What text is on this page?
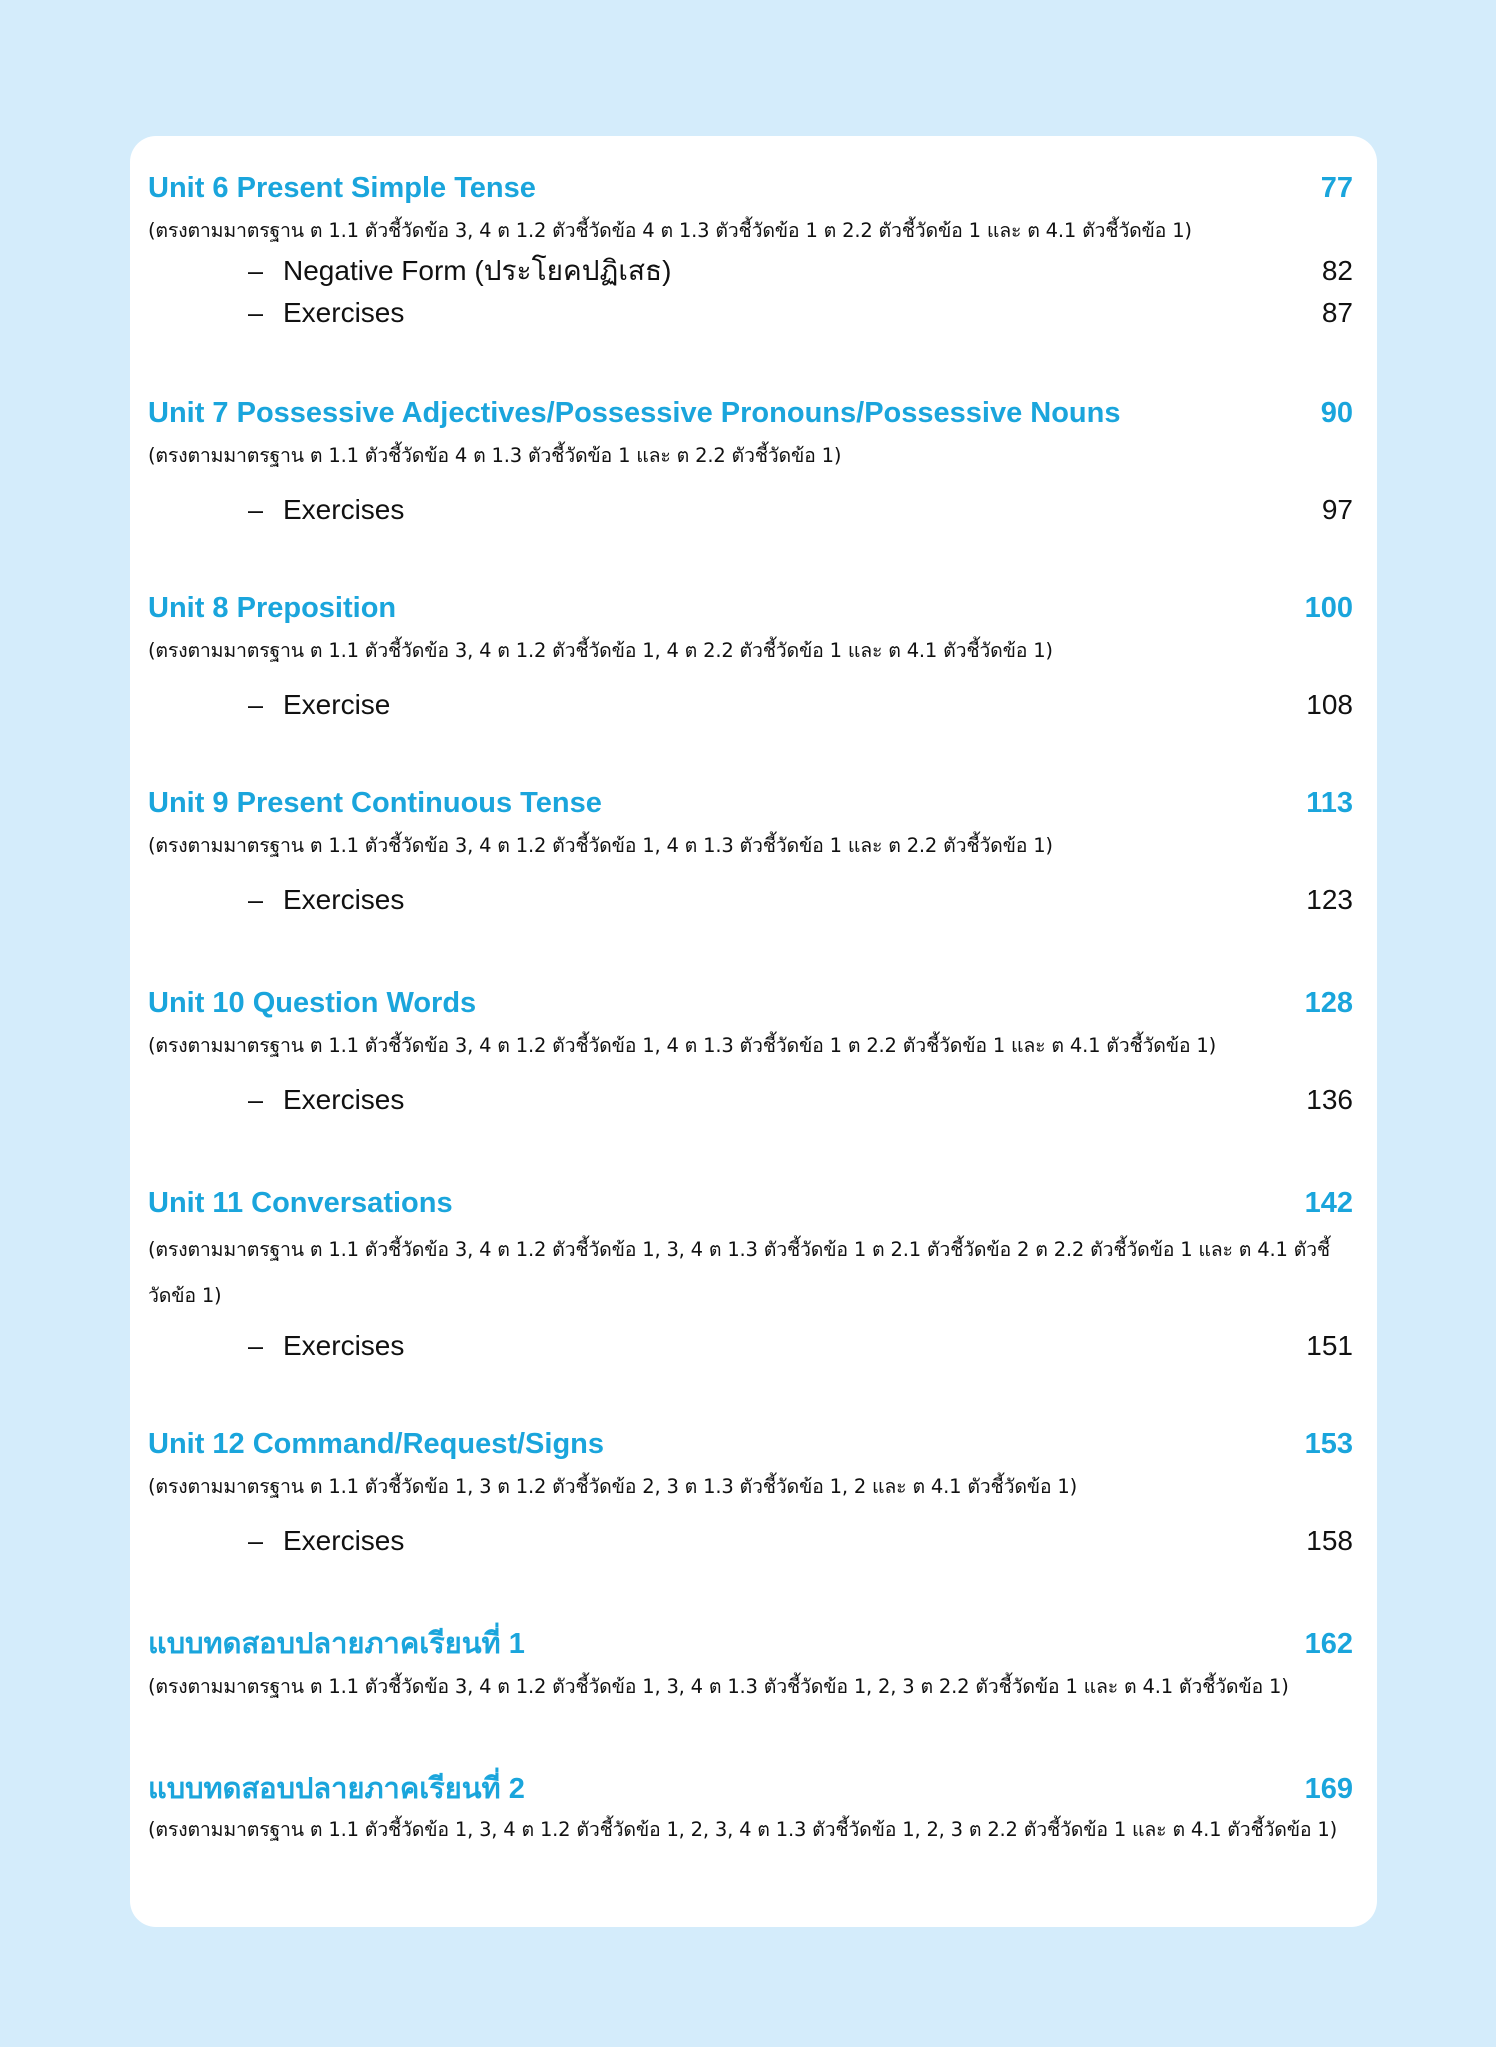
Unit 6 Present Simple Tense	77
(ตรงตามมาตรฐาน ต 1.1 ตัวชี้วัดข้อ 3, 4 ต 1.2 ตัวชี้วัดข้อ 4 ต 1.3 ตัวชี้วัดข้อ 1 ต 2.2 ตัวชี้วัดข้อ 1 และ ต 4.1 ตัวชี้วัดข้อ 1)
– Negative Form (ประโยคปฏิเสธ)	82
– Exercises	87
Unit 7 Possessive Adjectives/Possessive Pronouns/Possessive Nouns	90
(ตรงตามมาตรฐาน ต 1.1 ตัวชี้วัดข้อ 4 ต 1.3 ตัวชี้วัดข้อ 1 และ ต 2.2 ตัวชี้วัดข้อ 1)
– Exercises	97
Unit 8 Preposition	100
(ตรงตามมาตรฐาน ต 1.1 ตัวชี้วัดข้อ 3, 4 ต 1.2 ตัวชี้วัดข้อ 1, 4 ต 2.2 ตัวชี้วัดข้อ 1 และ ต 4.1 ตัวชี้วัดข้อ 1)
– Exercise	108
Unit 9 Present Continuous Tense	113
(ตรงตามมาตรฐาน ต 1.1 ตัวชี้วัดข้อ 3, 4 ต 1.2 ตัวชี้วัดข้อ 1, 4 ต 1.3 ตัวชี้วัดข้อ 1 และ ต 2.2 ตัวชี้วัดข้อ 1)
– Exercises	123
Unit 10 Question Words	128
(ตรงตามมาตรฐาน ต 1.1 ตัวชี้วัดข้อ 3, 4 ต 1.2 ตัวชี้วัดข้อ 1, 4 ต 1.3 ตัวชี้วัดข้อ 1 ต 2.2 ตัวชี้วัดข้อ 1 และ ต 4.1 ตัวชี้วัดข้อ 1)
– Exercises	136
Unit 11 Conversations	142
(ตรงตามมาตรฐาน ต 1.1 ตัวชี้วัดข้อ 3, 4 ต 1.2 ตัวชี้วัดข้อ 1, 3, 4 ต 1.3 ตัวชี้วัดข้อ 1 ต 2.1 ตัวชี้วัดข้อ 2 ต 2.2 ตัวชี้วัดข้อ 1 และ ต 4.1 ตัวชี้วัดข้อ 1)
– Exercises	151
Unit 12 Command/Request/Signs	153
(ตรงตามมาตรฐาน ต 1.1 ตัวชี้วัดข้อ 1, 3 ต 1.2 ตัวชี้วัดข้อ 2, 3 ต 1.3 ตัวชี้วัดข้อ 1, 2 และ ต 4.1 ตัวชี้วัดข้อ 1)
– Exercises	158
แบบทดสอบปลายภาคเรียนที่ 1	162
(ตรงตามมาตรฐาน ต 1.1 ตัวชี้วัดข้อ 3, 4 ต 1.2 ตัวชี้วัดข้อ 1, 3, 4 ต 1.3 ตัวชี้วัดข้อ 1, 2, 3 ต 2.2 ตัวชี้วัดข้อ 1 และ ต 4.1 ตัวชี้วัดข้อ 1)
แบบทดสอบปลายภาคเรียนที่ 2	169
(ตรงตามมาตรฐาน ต 1.1 ตัวชี้วัดข้อ 1, 3, 4 ต 1.2 ตัวชี้วัดข้อ 1, 2, 3, 4 ต 1.3 ตัวชี้วัดข้อ 1, 2, 3 ต 2.2 ตัวชี้วัดข้อ 1 และ ต 4.1 ตัวชี้วัดข้อ 1)
